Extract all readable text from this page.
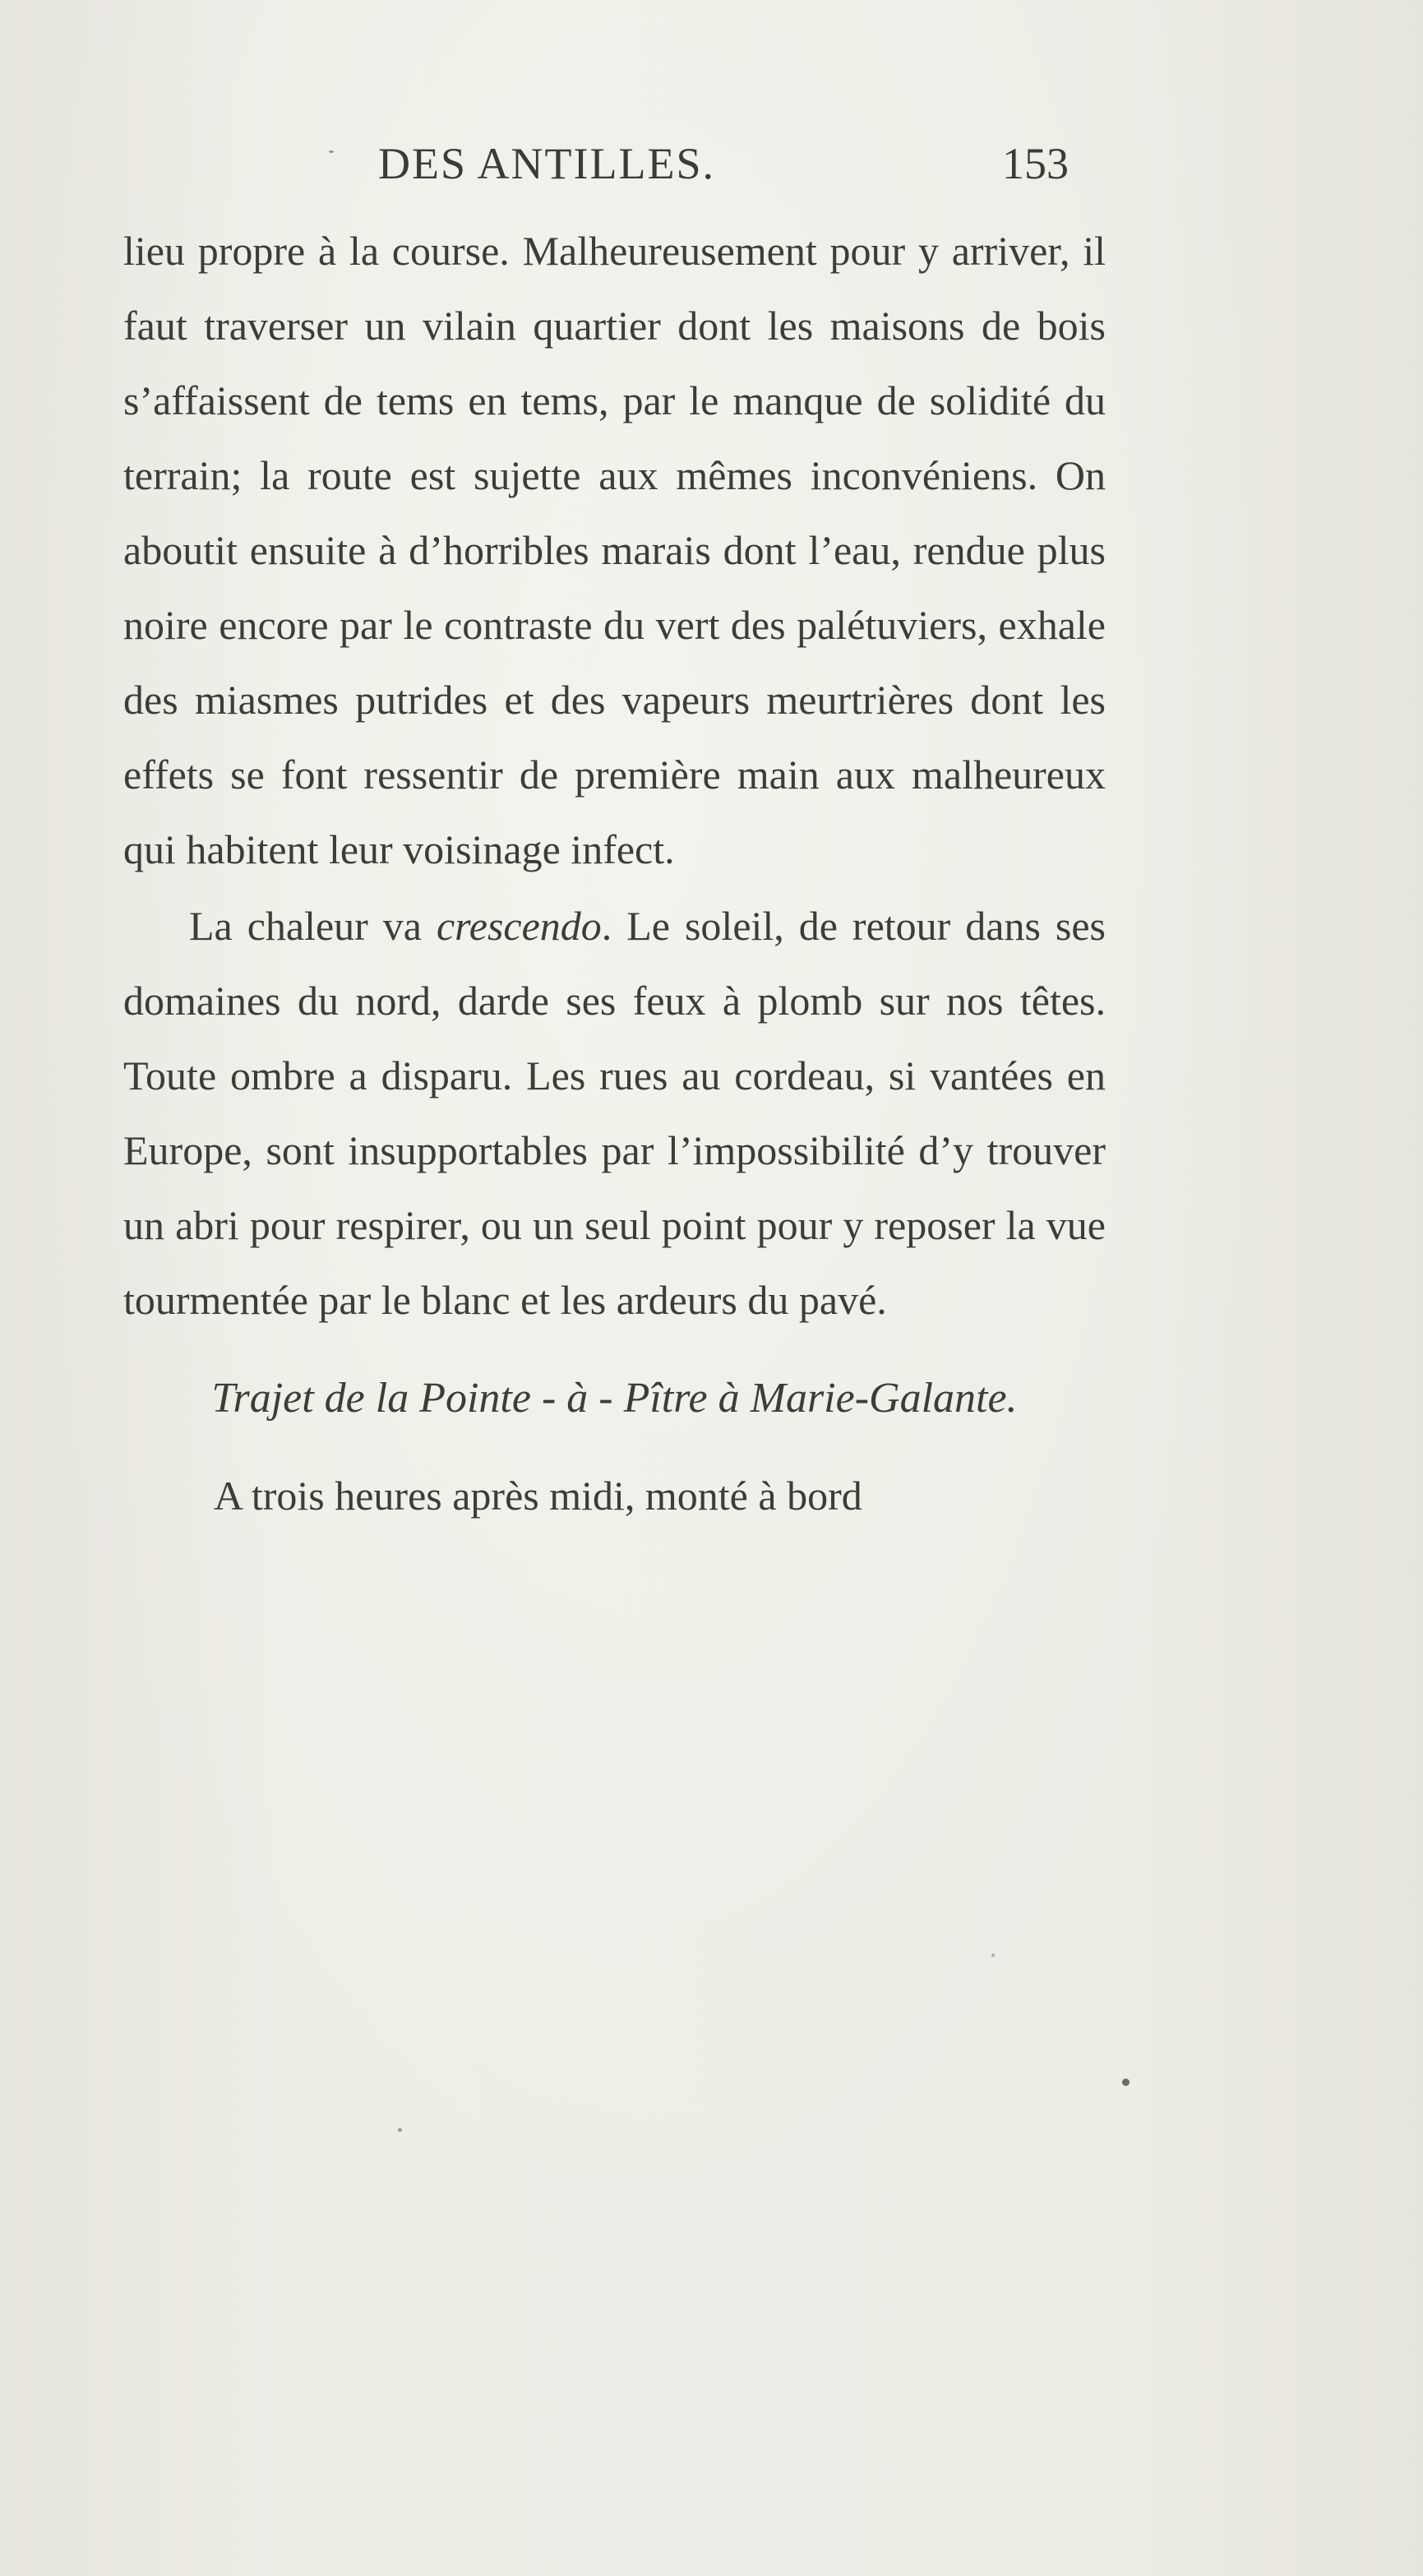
DES ANTILLES.	153

lieu propre à la course. Malheureusement pour y arriver, il faut traverser un vilain quartier dont les maisons de bois s’affaissent de tems en tems, par le manque de solidité du terrain; la route est sujette aux mêmes inconvéniens. On aboutit ensuite à d’horribles marais dont l’eau, rendue plus noire encore par le contraste du vert des palétuviers, exhale des miasmes putrides et des vapeurs meurtrières dont les effets se font ressentir de première main aux malheureux qui habitent leur voisinage infect.

La chaleur va crescendo. Le soleil, de retour dans ses domaines du nord, darde ses feux à plomb sur nos têtes. Toute ombre a disparu. Les rues au cordeau, si vantées en Europe, sont insupportables par l’impossibilité d’y trouver un abri pour respirer, ou un seul point pour y reposer la vue tourmentée par le blanc et les ardeurs du pavé.

Trajet de la Pointe - à - Pître à Marie-Galante.

A trois heures après midi, monté à bord
